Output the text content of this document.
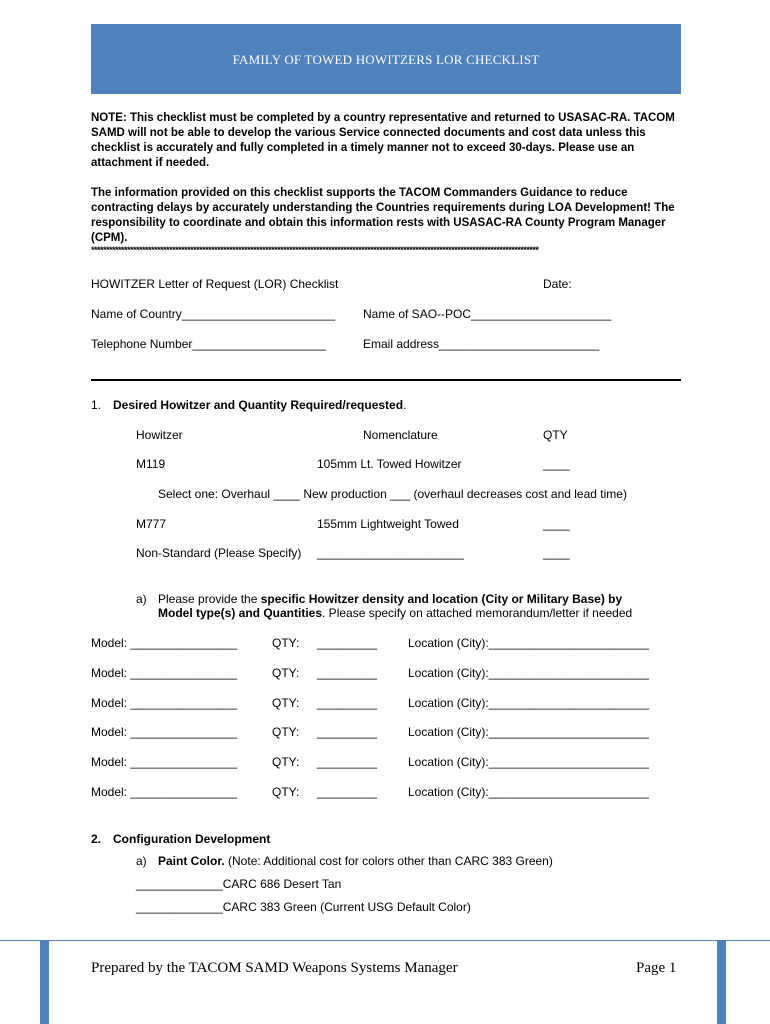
FAMILY OF TOWED HOWITZERS LOR CHECKLIST
NOTE: This checklist must be completed by a country representative and returned to USASAC-RA. TACOM SAMD will not be able to develop the various Service connected documents and cost data unless this checklist is accurately and fully completed in a timely manner not to exceed 30-days. Please use an attachment if needed.
The information provided on this checklist supports the TACOM Commanders Guidance to reduce contracting delays by accurately understanding the Countries requirements during LOA Development! The responsibility to coordinate and obtain this information rests with USASAC-RA County Program Manager (CPM).
*****************************************************************************************************************************************************
HOWITZER Letter of Request (LOR) Checklist	Date:
Name of Country_______________________ Name of SAO--POC_____________________
Telephone Number____________________	Email address________________________
1. Desired Howitzer and Quantity Required/requested.
Howitzer	Nomenclature	QTY
M119	105mm Lt. Towed Howitzer	____
Select one: Overhaul ____ New production ___ (overhaul decreases cost and lead time)
M777	155mm Lightweight Towed	____
Non-Standard (Please Specify) ______________________	____
a) Please provide the specific Howitzer density and location (City or Military Base) by
Model type(s) and Quantities. Please specify on attached memorandum/letter if needed
Model: ________________	QTY: _________	Location (City):________________________
Model: ________________	QTY: _________	Location (City):________________________
Model: ________________	QTY: _________	Location (City):________________________
Model: ________________	QTY: _________	Location (City):________________________
Model: ________________	QTY: _________	Location (City):________________________
Model: ________________	QTY: _________	Location (City):________________________
2. Configuration Development
a) Paint Color. (Note: Additional cost for colors other than CARC 383 Green)
_____________CARC 686 Desert Tan
_____________CARC 383 Green (Current USG Default Color)
Prepared by the TACOM SAMD Weapons Systems Manager	Page 1
